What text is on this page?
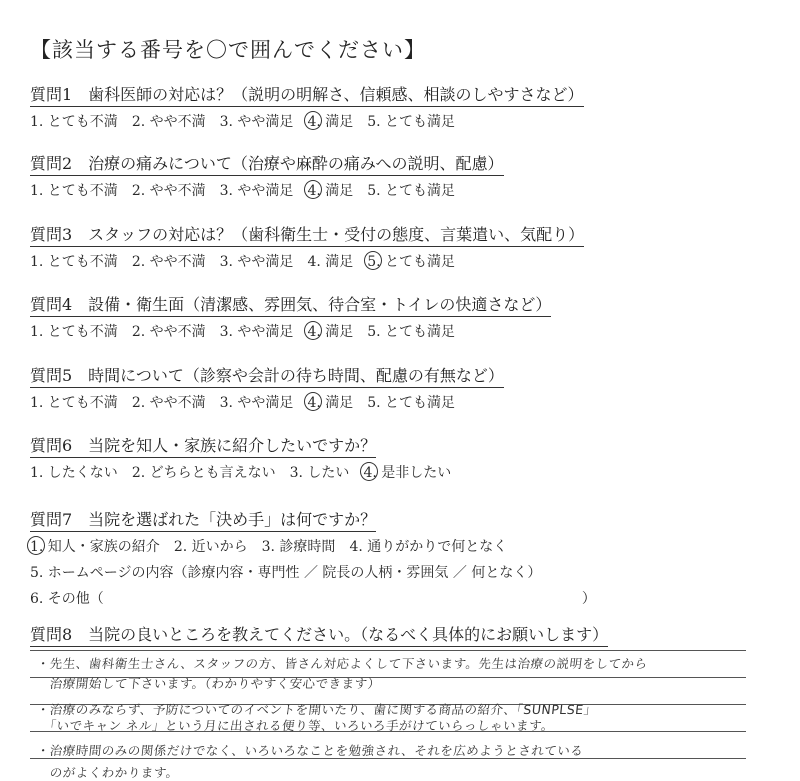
【該当する番号を〇で囲んでください】
質問1　歯科医師の対応は？（説明の明解さ、信頼感、相談のしやすさなど）
1. とても不満 2. やや不満 3. やや満足 4. 満足 5. とても満足
質問2　治療の痛みについて（治療や麻酔の痛みへの説明、配慮）
1. とても不満 2. やや不満 3. やや満足 4. 満足 5. とても満足
質問3　スタッフの対応は？（歯科衛生士・受付の態度、言葉遣い、気配り）
1. とても不満 2. やや不満 3. やや満足 4. 満足 5. とても満足
質問4　設備・衛生面（清潔感、雰囲気、待合室・トイレの快適さなど）
1. とても不満 2. やや不満 3. やや満足 4. 満足 5. とても満足
質問5　時間について（診察や会計の待ち時間、配慮の有無など）
1. とても不満 2. やや不満 3. やや満足 4. 満足 5. とても満足
質問6　当院を知人・家族に紹介したいですか？
1. したくない 2. どちらとも言えない 3. したい 4. 是非したい
質問7　当院を選ばれた「決め手」は何ですか？
1. 知人・家族の紹介 2. 近いから 3. 診療時間 4. 通りがかりで何となく
5. ホームページの内容（診療内容・専門性 ／ 院長の人柄・雰囲気 ／ 何となく）
6. その他（	）
質問8　当院の良いところを教えてください。（なるべく具体的にお願いします）
・先生、歯科衛生士さん、スタッフの方、皆さん対応よくして下さいます。先生は治療の説明をしてから
　治療開始して下さいます。（わかりやすく安心できます）
・治療のみならず、予防についてのイベントを開いたり、歯に関する商品の紹介、「SUNPLSE」
　「いでキャン ネル」という月に出される便り等、いろいろ手がけていらっしゃいます。
・治療時間のみの関係だけでなく、いろいろなことを勉強され、それを広めようとされている
　のがよくわかります。
